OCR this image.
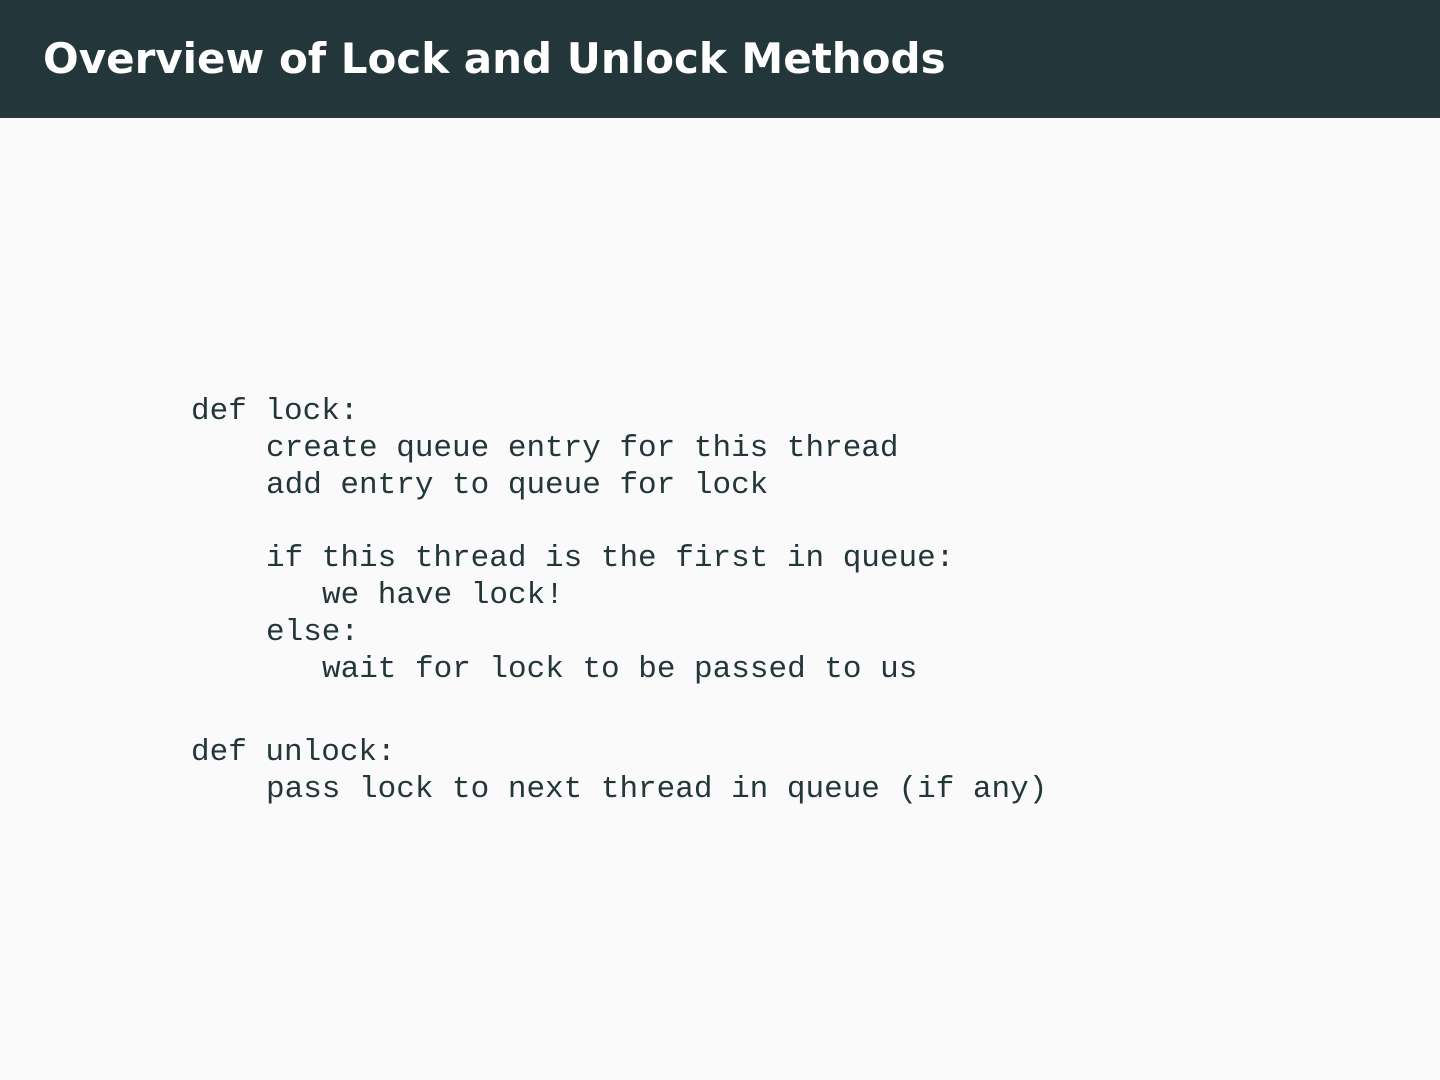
Overview of Lock and Unlock Methods
def lock:
create queue entry for this thread
add entry to queue for lock
if this thread is the first in queue:
we have lock!
else:
wait for lock to be passed to us
def unlock:
pass lock to next thread in queue (if any)
